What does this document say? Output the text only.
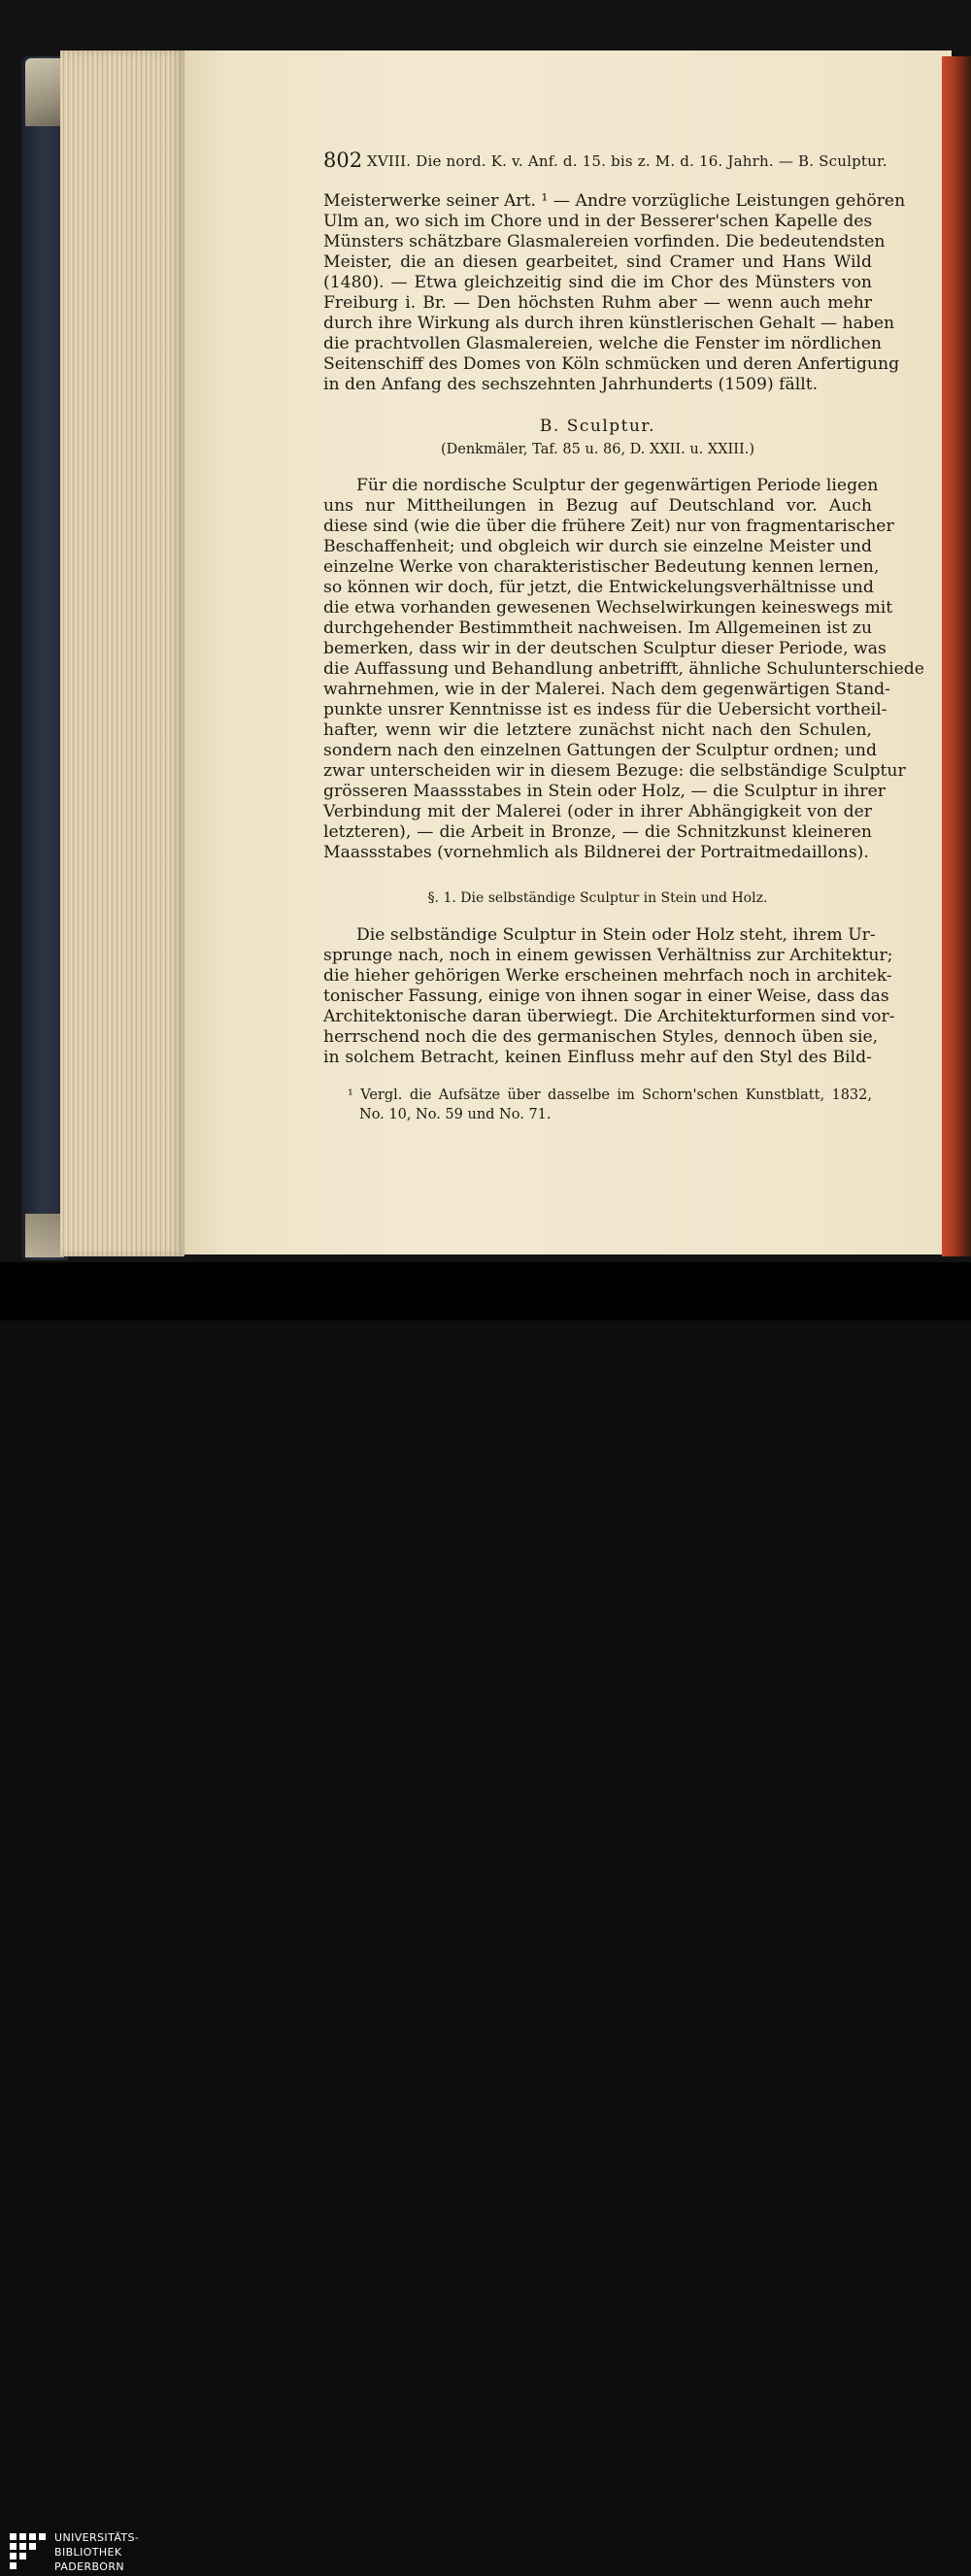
802 XVIII. Die nord. K. v. Anf. d. 15. bis z. M. d. 16. Jahrh. — B. Sculptur.

Meisterwerke seiner Art. ¹ — Andre vorzügliche Leistungen gehören

Ulm an, wo sich im Chore und in der Besserer'schen Kapelle des

Münsters schätzbare Glasmalereien vorfinden. Die bedeutendsten

Meister, die an diesen gearbeitet, sind Cramer und Hans Wild

(1480). — Etwa gleichzeitig sind die im Chor des Münsters von

Freiburg i. Br. — Den höchsten Ruhm aber — wenn auch mehr

durch ihre Wirkung als durch ihren künstlerischen Gehalt — haben

die prachtvollen Glasmalereien, welche die Fenster im nördlichen

Seitenschiff des Domes von Köln schmücken und deren Anfertigung

in den Anfang des sechszehnten Jahrhunderts (1509) fällt.

B. Sculptur.
(Denkmäler, Taf. 85 u. 86, D. XXII. u. XXIII.)

Für die nordische Sculptur der gegenwärtigen Periode liegen

uns nur Mittheilungen in Bezug auf Deutschland vor. Auch

diese sind (wie die über die frühere Zeit) nur von fragmentarischer

Beschaffenheit; und obgleich wir durch sie einzelne Meister und

einzelne Werke von charakteristischer Bedeutung kennen lernen,

so können wir doch, für jetzt, die Entwickelungsverhältnisse und

die etwa vorhanden gewesenen Wechselwirkungen keineswegs mit

durchgehender Bestimmtheit nachweisen. Im Allgemeinen ist zu

bemerken, dass wir in der deutschen Sculptur dieser Periode, was

die Auffassung und Behandlung anbetrifft, ähnliche Schulunterschiede

wahrnehmen, wie in der Malerei. Nach dem gegenwärtigen Stand-

punkte unsrer Kenntnisse ist es indess für die Uebersicht vortheil-

hafter, wenn wir die letztere zunächst nicht nach den Schulen,

sondern nach den einzelnen Gattungen der Sculptur ordnen; und

zwar unterscheiden wir in diesem Bezuge: die selbständige Sculptur

grösseren Maassstabes in Stein oder Holz, — die Sculptur in ihrer

Verbindung mit der Malerei (oder in ihrer Abhängigkeit von der

letzteren), — die Arbeit in Bronze, — die Schnitzkunst kleineren

Maassstabes (vornehmlich als Bildnerei der Portraitmedaillons).

§. 1. Die selbständige Sculptur in Stein und Holz.

Die selbständige Sculptur in Stein oder Holz steht, ihrem Ur-

sprunge nach, noch in einem gewissen Verhältniss zur Architektur;

die hieher gehörigen Werke erscheinen mehrfach noch in architek-

tonischer Fassung, einige von ihnen sogar in einer Weise, dass das

Architektonische daran überwiegt. Die Architekturformen sind vor-

herrschend noch die des germanischen Styles, dennoch üben sie,

in solchem Betracht, keinen Einfluss mehr auf den Styl des Bild-

¹ Vergl. die Aufsätze über dasselbe im Schorn'schen Kunstblatt, 1832,

No. 10, No. 59 und No. 71.

UNIVERSITÄTS-
BIBLIOTHEK
PADERBORN
